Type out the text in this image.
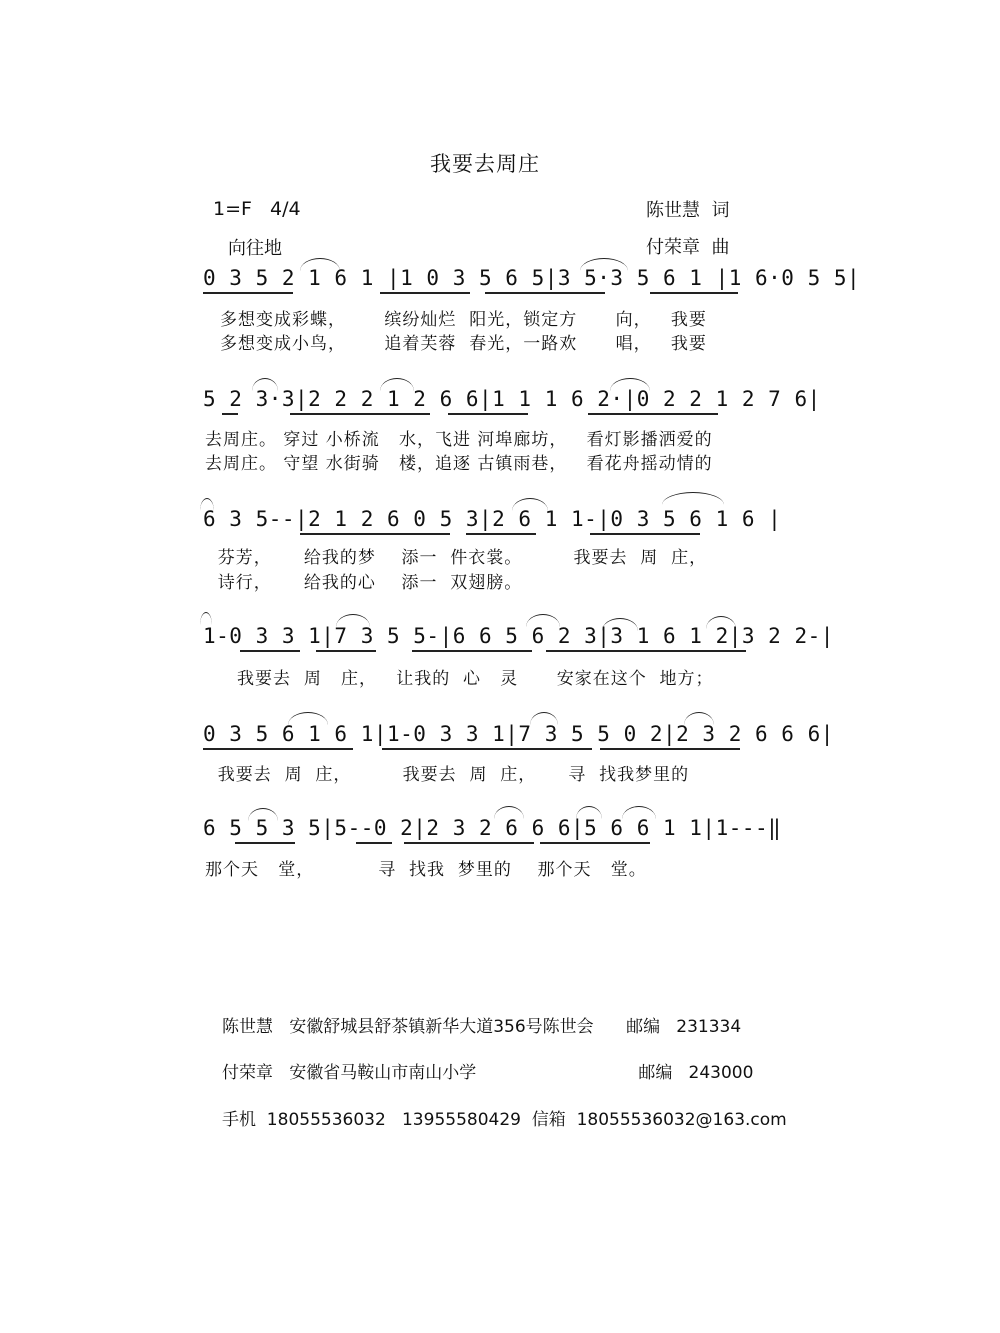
我要去周庄
1=F   4/4	陈世慧  词
向往地	付荣章  曲
0 3 5 2 1 6 1 |1 0 3 5 6 5|3 5·3 5 6 1 |1 6·0 5 5|
多想变成彩蝶，      缤纷灿烂  阳光，锁定方      向，   我要
多想变成小鸟，      追着芙蓉  春光，一路欢      唱，   我要
5 2 3·3|2 2 2 1 2 6 6|1 1 1 6 2·|0 2 2 1 2 7 6|
去周庄。 穿过 小桥流   水，飞进 河埠廊坊，   看灯影播洒爱的
去周庄。 守望 水街骑   楼，追逐 古镇雨巷，   看花舟摇动情的
6 3 5--|2 1 2 6 0 5 3|2 6 1 1-|0 3 5 6 1 6 |
芬芳，     给我的梦    添一  件衣裳。        我要去  周  庄，
诗行，     给我的心    添一  双翅膀。
1-0 3 3 1|7 3 5 5-|6 6 5 6 2 3|3 1 6 1 2|3 2 2-|
我要去  周   庄，   让我的  心   灵      安家在这个  地方；
0 3 5 6 1 6 1|1-0 3 3 1|7 3 5 5 0 2|2 3 2 6 6 6|
我要去  周  庄，        我要去  周  庄，     寻  找我梦里的
6 5 5 3 5|5--0 2|2 3 2 6 6 6|5 6 6 1 1|1---‖
那个天   堂，          寻  找我  梦里的    那个天   堂。
陈世慧   安徽舒城县舒茶镇新华大道356号陈世会      邮编   231334
付荣章   安徽省马鞍山市南山小学                              邮编   243000
手机  18055536032   13955580429  信箱  18055536032@163.com
